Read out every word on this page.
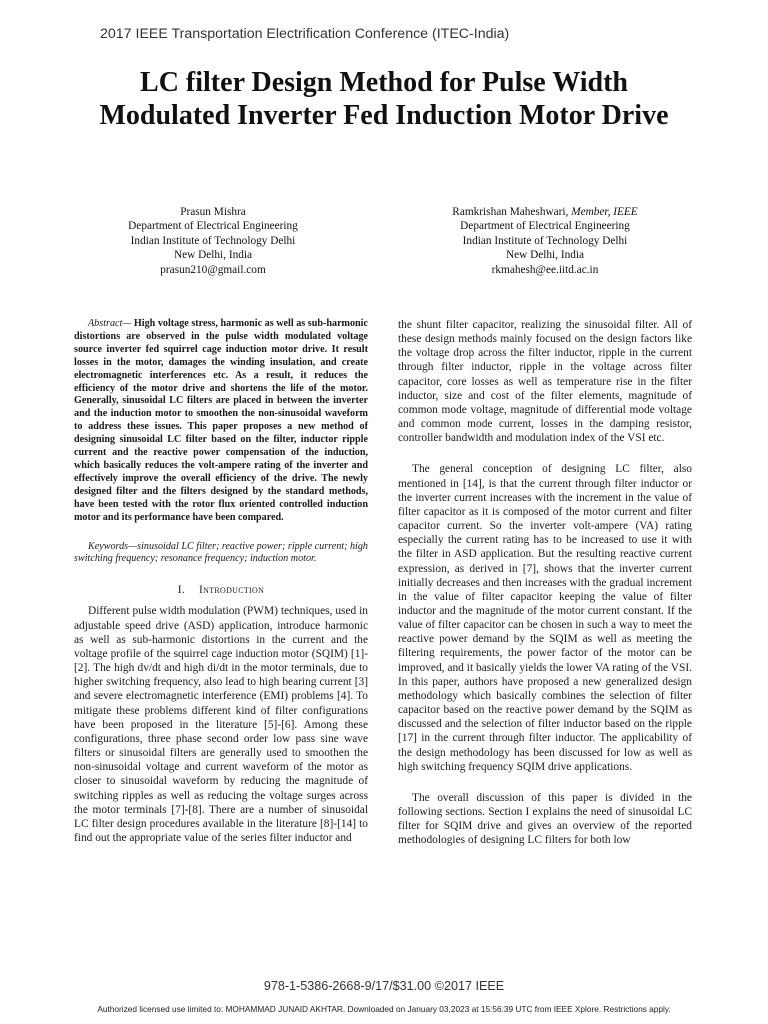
2017 IEEE Transportation Electrification Conference (ITEC-India)
LC filter Design Method for Pulse Width
Modulated Inverter Fed Induction Motor Drive
Prasun Mishra
Department of Electrical Engineering
Indian Institute of Technology Delhi
New Delhi, India
prasun210@gmail.com
Ramkrishan Maheshwari, Member, IEEE
Department of Electrical Engineering
Indian Institute of Technology Delhi
New Delhi, India
rkmahesh@ee.iitd.ac.in

Abstract— High voltage stress, harmonic as well as sub-harmonic distortions are observed in the pulse width modulated voltage source inverter fed squirrel cage induction motor drive. It result losses in the motor, damages the winding insulation, and create electromagnetic interferences etc. As a result, it reduces the efficiency of the motor drive and shortens the life of the motor. Generally, sinusoidal LC filters are placed in between the inverter and the induction motor to smoothen the non-sinusoidal waveform to address these issues. This paper proposes a new method of designing sinusoidal LC filter based on the filter, inductor ripple current and the reactive power compensation of the induction, which basically reduces the volt-ampere rating of the inverter and effectively improve the overall efficiency of the drive. The newly designed filter and the filters designed by the standard methods, have been tested with the rotor flux oriented controlled induction motor and its performance have been compared.

Keywords—sinusoidal LC filter; reactive power; ripple current; high switching frequency; resonance frequency; induction motor.

I. Introduction

Different pulse width modulation (PWM) techniques, used in adjustable speed drive (ASD) application, introduce harmonic as well as sub-harmonic distortions in the current and the voltage profile of the squirrel cage induction motor (SQIM) [1]-[2]. The high dv/dt and high di/dt in the motor terminals, due to higher switching frequency, also lead to high bearing current [3] and severe electromagnetic interference (EMI) problems [4]. To mitigate these problems different kind of filter configurations have been proposed in the literature [5]-[6]. Among these configurations, three phase second order low pass sine wave filters or sinusoidal filters are generally used to smoothen the non-sinusoidal voltage and current waveform of the motor as closer to sinusoidal waveform by reducing the magnitude of switching ripples as well as reducing the voltage surges across the motor terminals [7]-[8]. There are a number of sinusoidal LC filter design procedures available in the literature [8]-[14] to find out the appropriate value of the series filter inductor and

the shunt filter capacitor, realizing the sinusoidal filter. All of these design methods mainly focused on the design factors like the voltage drop across the filter inductor, ripple in the current through filter inductor, ripple in the voltage across filter capacitor, core losses as well as temperature rise in the filter inductor, size and cost of the filter elements, magnitude of common mode voltage, magnitude of differential mode voltage and common mode current, losses in the damping resistor, controller bandwidth and modulation index of the VSI etc.

The general conception of designing LC filter, also mentioned in [14], is that the current through filter inductor or the inverter current increases with the increment in the value of filter capacitor as it is composed of the motor current and filter capacitor current. So the inverter volt-ampere (VA) rating especially the current rating has to be increased to use it with the filter in ASD application. But the resulting reactive current expression, as derived in [7], shows that the inverter current initially decreases and then increases with the gradual increment in the value of filter capacitor keeping the value of filter inductor and the magnitude of the motor current constant. If the value of filter capacitor can be chosen in such a way to meet the reactive power demand by the SQIM as well as meeting the filtering requirements, the power factor of the motor can be improved, and it basically yields the lower VA rating of the VSI. In this paper, authors have proposed a new generalized design methodology which basically combines the selection of filter capacitor based on the reactive power demand by the SQIM as discussed and the selection of filter inductor based on the ripple [17] in the current through filter inductor. The applicability of the design methodology has been discussed for low as well as high switching frequency SQIM drive applications.

The overall discussion of this paper is divided in the following sections. Section I explains the need of sinusoidal LC filter for SQIM drive and gives an overview of the reported methodologies of designing LC filters for both low

978-1-5386-2668-9/17/$31.00 ©2017 IEEE
Authorized licensed use limited to: MOHAMMAD JUNAID AKHTAR. Downloaded on January 03,2023 at 15:56:39 UTC from IEEE Xplore. Restrictions apply.
